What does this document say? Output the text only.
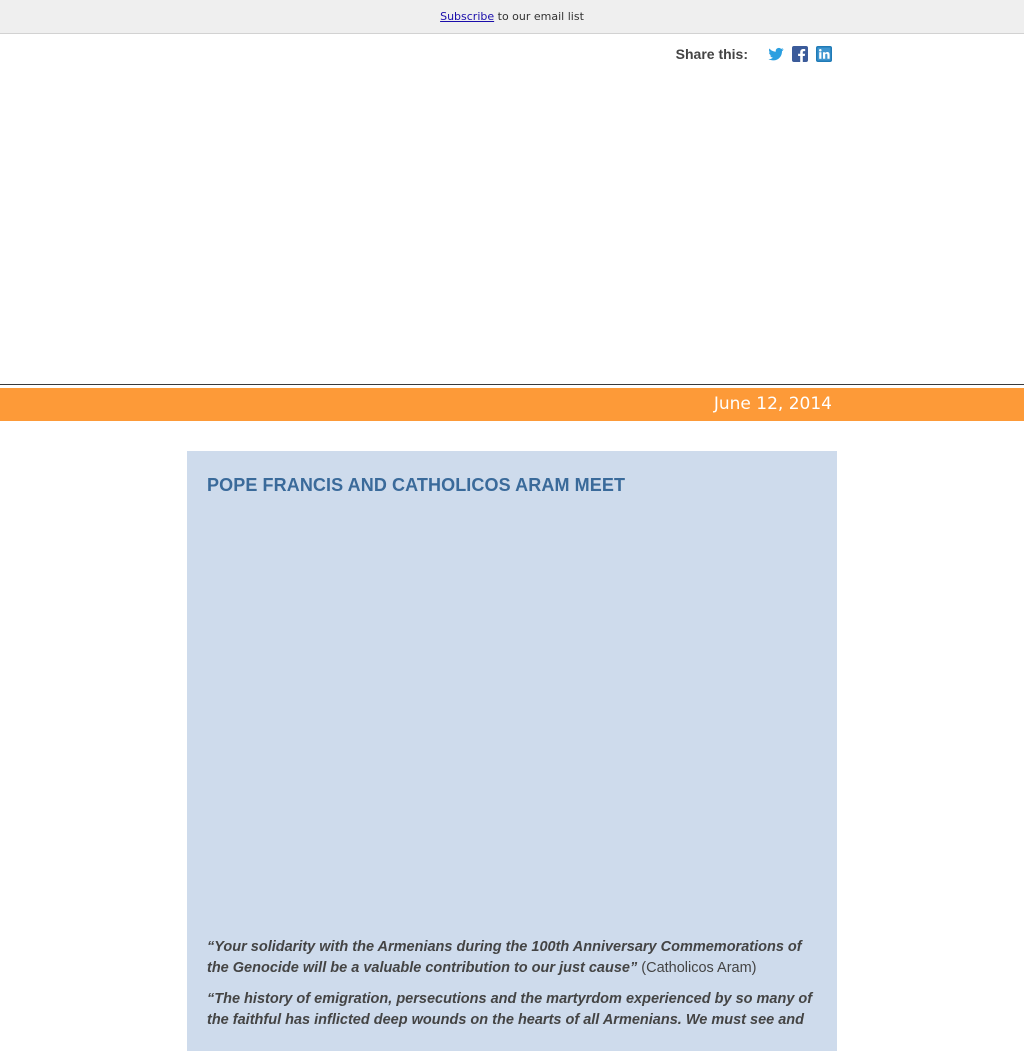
Subscribe to our email list
Share this:
June 12, 2014
POPE FRANCIS AND CATHOLICOS ARAM MEET

“Your solidarity with the Armenians during the 100th Anniversary Commemorations of the Genocide will be a valuable contribution to our just cause” (Catholicos Aram)

“The history of emigration, persecutions and the martyrdom experienced by so many of the faithful has inflicted deep wounds on the hearts of all Armenians. We must see and
